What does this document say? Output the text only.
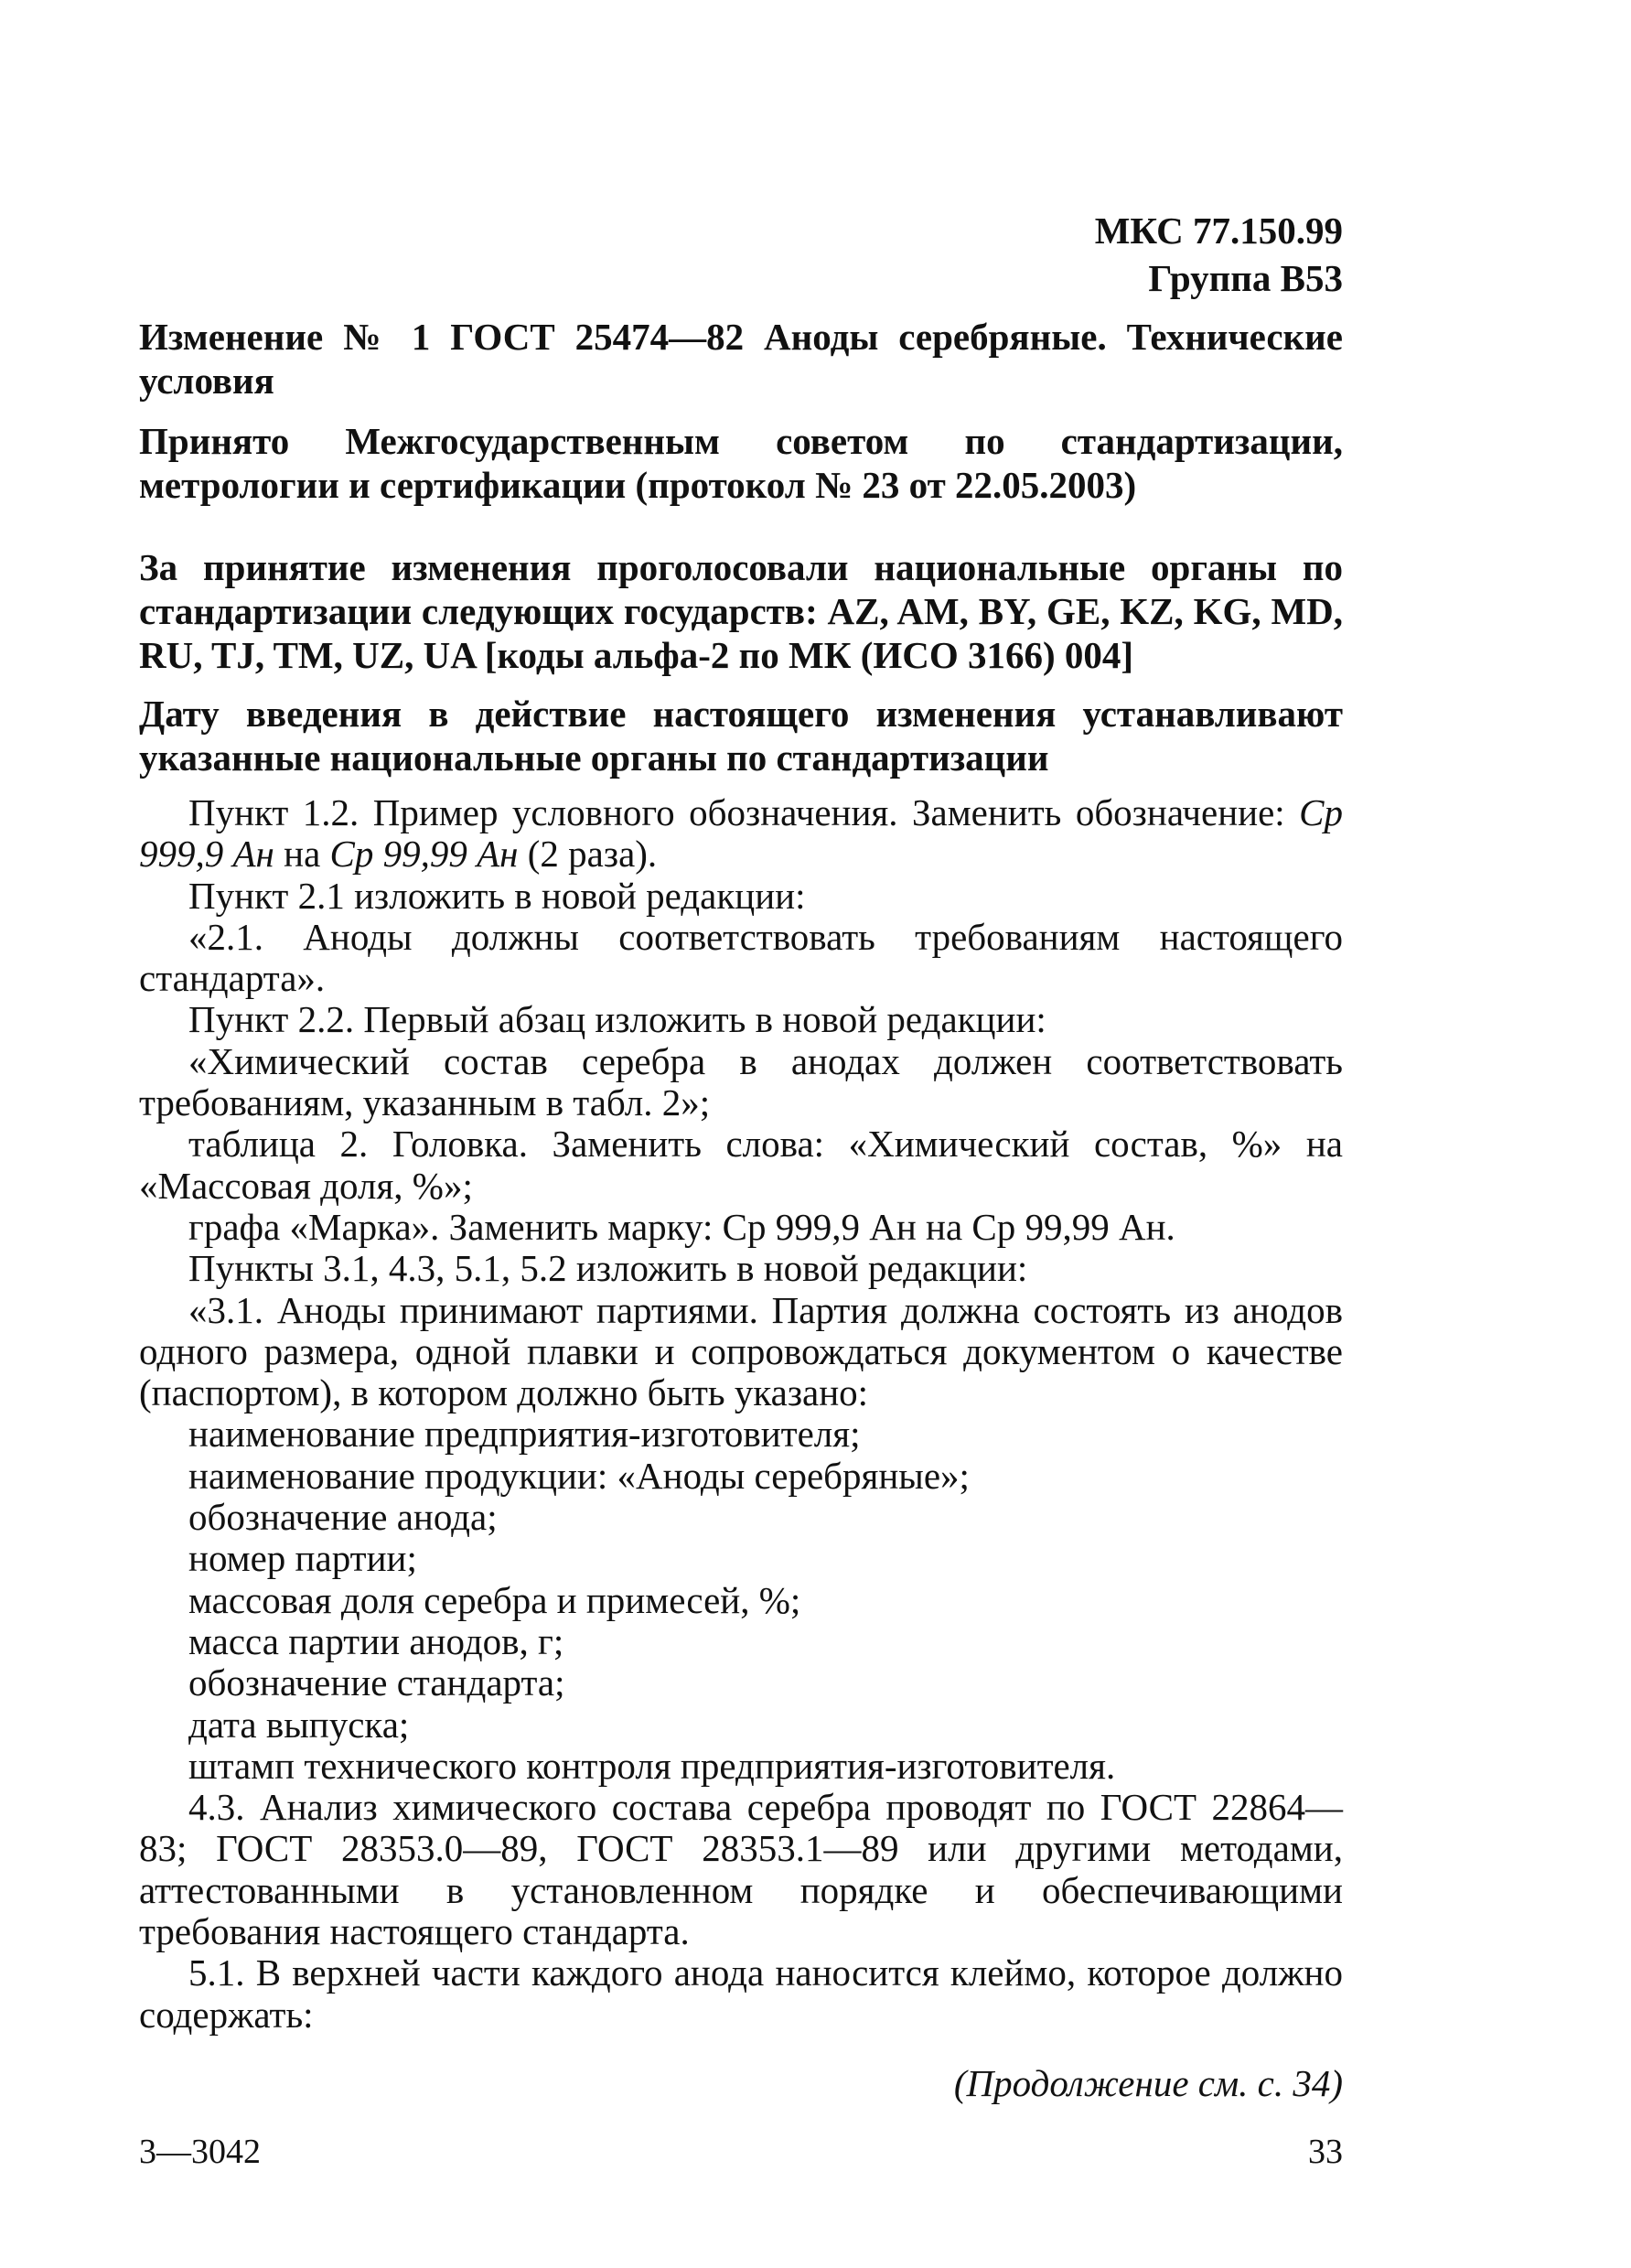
МКС 77.150.99
Группа В53
Изменение № 1 ГОСТ 25474—82 Аноды серебряные. Технические условия
Принято Межгосударственным советом по стандартизации, метрологии и сертификации (протокол № 23 от 22.05.2003)
За принятие изменения проголосовали национальные органы по стандартизации следующих государств: AZ, AM, BY, GE, KZ, KG, MD, RU, TJ, TM, UZ, UA [коды альфа-2 по МК (ИСО 3166) 004]
Дату введения в действие настоящего изменения устанавливают указанные национальные органы по стандартизации

Пункт 1.2. Пример условного обозначения. Заменить обозначение: Ср 999,9 Ан на Ср 99,99 Ан (2 раза).

Пункт 2.1 изложить в новой редакции:

«2.1. Аноды должны соответствовать требованиям настоящего стандарта».

Пункт 2.2. Первый абзац изложить в новой редакции:

«Химический состав серебра в анодах должен соответствовать требованиям, указанным в табл. 2»;

таблица 2. Головка. Заменить слова: «Химический состав, %» на «Массовая доля, %»;

графа «Марка». Заменить марку: Ср 999,9 Ан на Ср 99,99 Ан.

Пункты 3.1, 4.3, 5.1, 5.2 изложить в новой редакции:

«3.1. Аноды принимают партиями. Партия должна состоять из анодов одного размера, одной плавки и сопровождаться документом о качестве (паспортом), в котором должно быть указано:

наименование предприятия-изготовителя;

наименование продукции: «Аноды серебряные»;

обозначение анода;

номер партии;

массовая доля серебра и примесей, %;

масса партии анодов, г;

обозначение стандарта;

дата выпуска;

штамп технического контроля предприятия-изготовителя.

4.3. Анализ химического состава серебра проводят по ГОСТ 22864—83; ГОСТ 28353.0—89, ГОСТ 28353.1—89 или другими методами, аттестованными в установленном порядке и обеспечивающими требования настоящего стандарта.

5.1. В верхней части каждого анода наносится клеймо, которое должно содержать:

(Продолжение см. с. 34)
3—3042	33
